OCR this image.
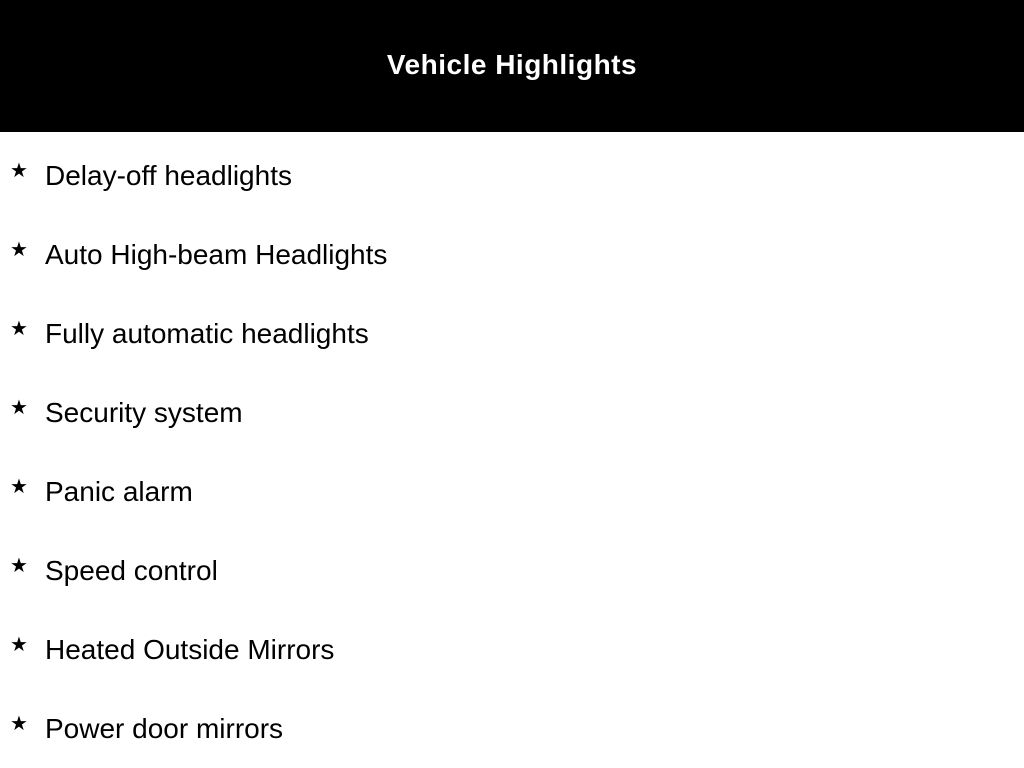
Vehicle Highlights
★ Delay-off headlights
★ Auto High-beam Headlights
★ Fully automatic headlights
★ Security system
★ Panic alarm
★ Speed control
★ Heated Outside Mirrors
★ Power door mirrors
